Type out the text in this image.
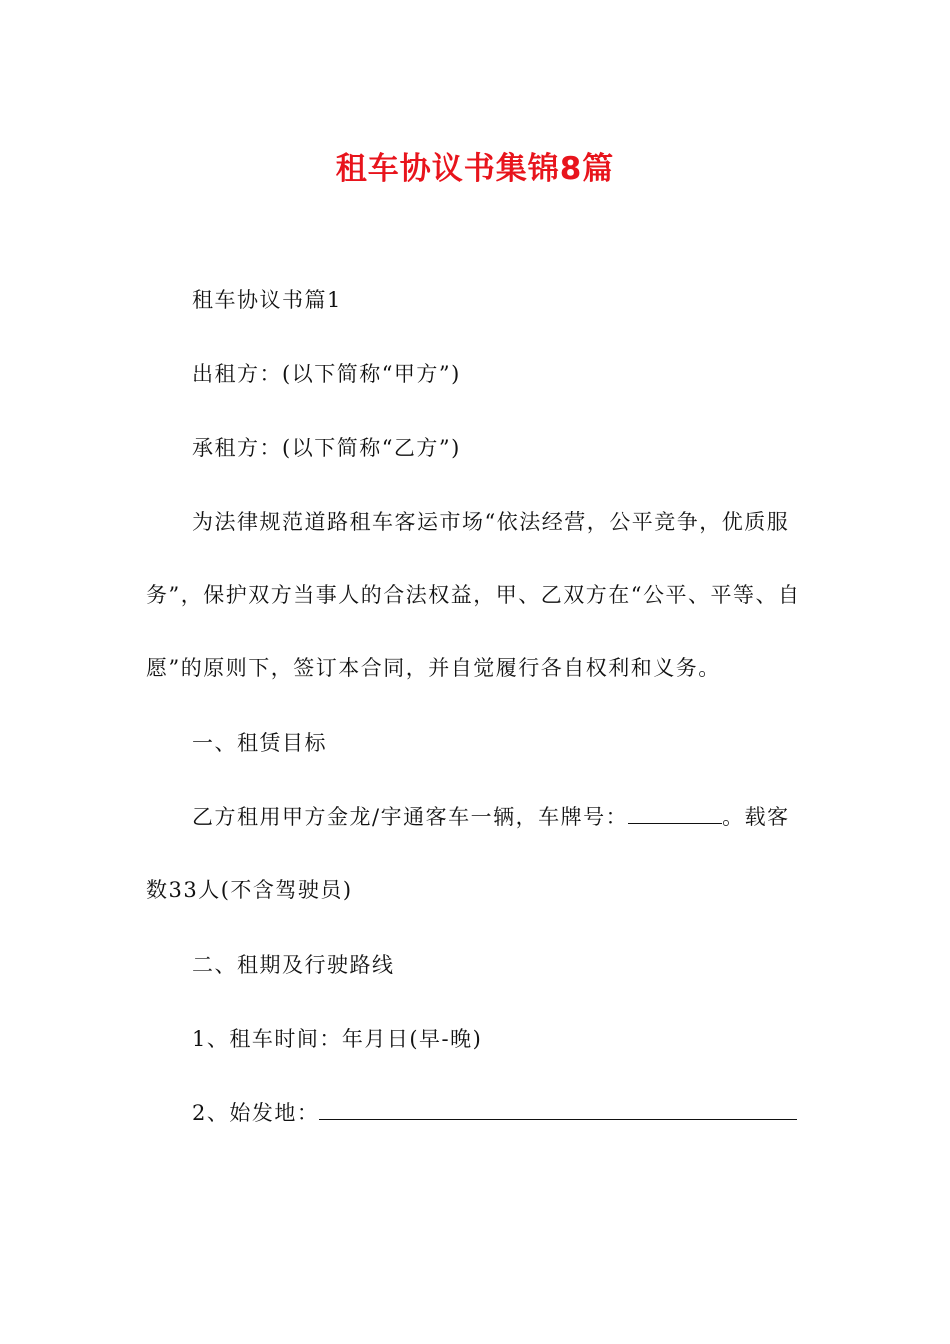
租车协议书集锦8篇

租车协议书篇1

出租方：(以下简称“甲方”)

承租方：(以下简称“乙方”)

为法律规范道路租车客运市场“依法经营，公平竞争，优质服务”，保护双方当事人的合法权益，甲、乙双方在“公平、平等、自愿”的原则下，签订本合同，并自觉履行各自权利和义务。

一、租赁目标

乙方租用甲方金龙/宇通客车一辆，车牌号：	。载客数33人(不含驾驶员)

二、租期及行驶路线

1、租车时间：年月日(早-晚)

2、始发地：
